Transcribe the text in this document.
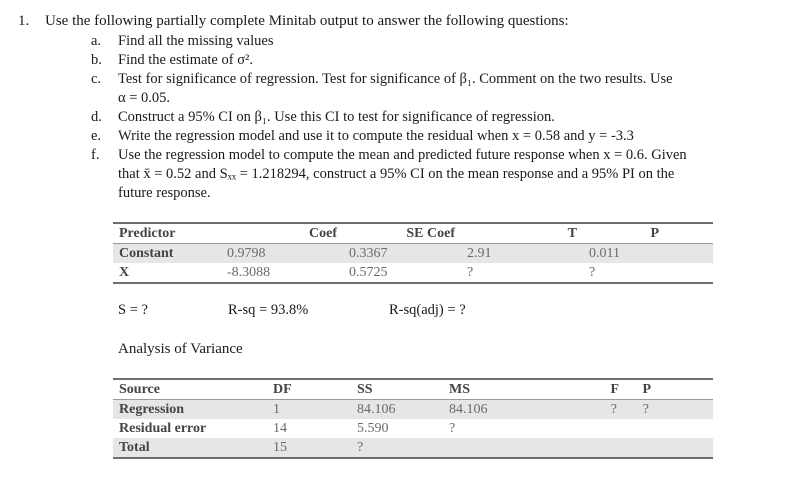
1. Use the following partially complete Minitab output to answer the following questions:
a. Find all the missing values
b. Find the estimate of σ².
c. Test for significance of regression. Test for significance of β₁. Comment on the two results. Use α = 0.05.
d. Construct a 95% CI on β₁. Use this CI to test for significance of regression.
e. Write the regression model and use it to compute the residual when x = 0.58 and y = -3.3
f. Use the regression model to compute the mean and predicted future response when x = 0.6. Given that x̄ = 0.52 and Sₓₓ = 1.218294, construct a 95% CI on the mean response and a 95% PI on the future response.
Predictor	Coef	SE Coef	T	P	
Constant	0.9798	0.3367	2.91	0.011	
X	-8.3088	0.5725	?	?	
S = ?	R-sq = 93.8%	R-sq(adj) = ?
Analysis of Variance
Source	DF	SS	MS	F	P
Regression	1	84.106	84.106	?	?
Residual error	14	5.590	?		
Total	15	?			
